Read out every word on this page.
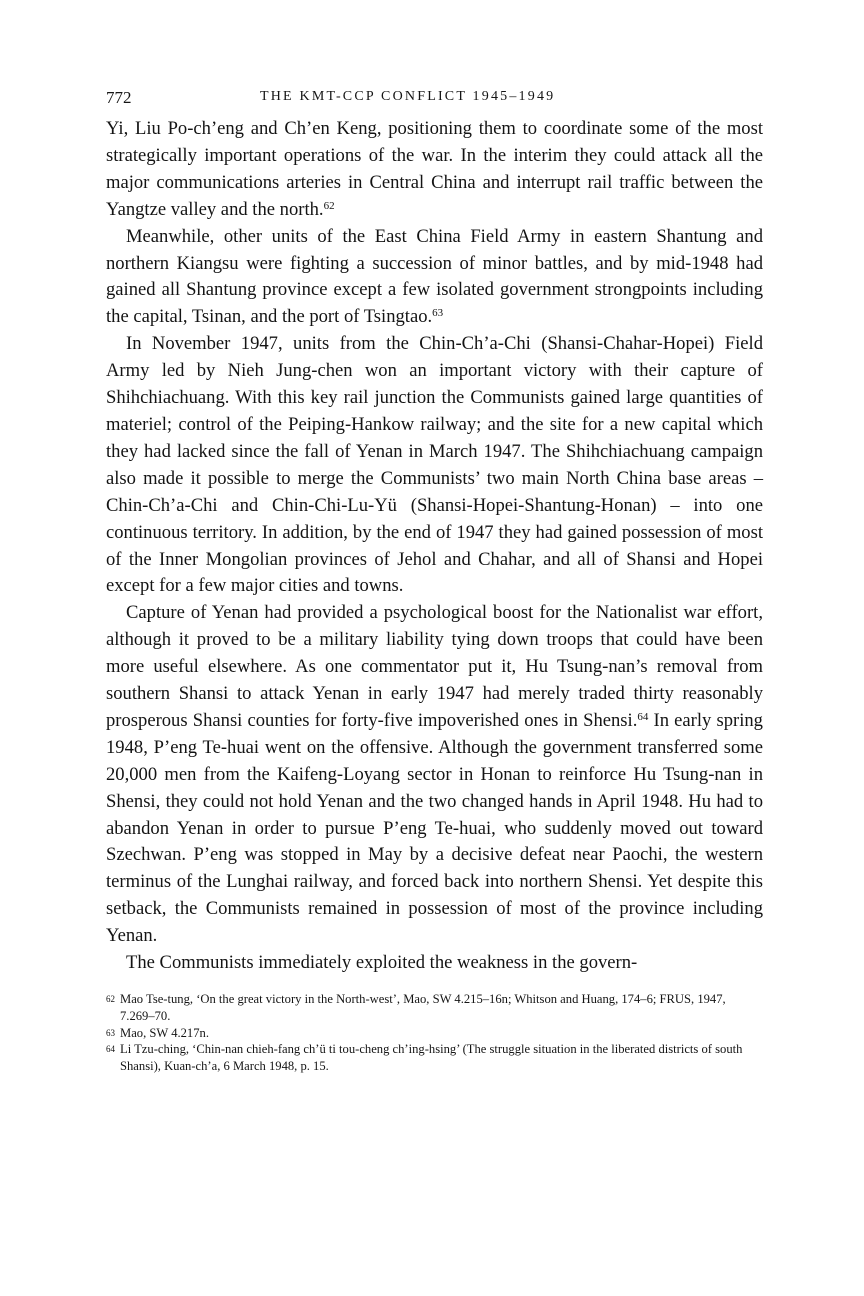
772	THE KMT-CCP CONFLICT 1945–1949

Yi, Liu Po-ch’eng and Ch’en Keng, positioning them to coordinate some of the most strategically important operations of the war. In the interim they could attack all the major communications arteries in Central China and interrupt rail traffic between the Yangtze valley and the north.$^{62}$

Meanwhile, other units of the East China Field Army in eastern Shantung and northern Kiangsu were fighting a succession of minor battles, and by mid-1948 had gained all Shantung province except a few isolated government strongpoints including the capital, Tsinan, and the port of Tsingtao.$^{63}$

In November 1947, units from the Chin-Ch’a-Chi (Shansi-Chahar-Hopei) Field Army led by Nieh Jung-chen won an important victory with their capture of Shihchiachuang. With this key rail junction the Communists gained large quantities of materiel; control of the Peiping-Hankow railway; and the site for a new capital which they had lacked since the fall of Yenan in March 1947. The Shihchiachuang campaign also made it possible to merge the Communists’ two main North China base areas – Chin-Ch’a-Chi and Chin-Chi-Lu-Yü (Shansi-Hopei-Shantung-Honan) – into one continuous territory. In addition, by the end of 1947 they had gained possession of most of the Inner Mongolian provinces of Jehol and Chahar, and all of Shansi and Hopei except for a few major cities and towns.

Capture of Yenan had provided a psychological boost for the Nationalist war effort, although it proved to be a military liability tying down troops that could have been more useful elsewhere. As one commentator put it, Hu Tsung-nan’s removal from southern Shansi to attack Yenan in early 1947 had merely traded thirty reasonably prosperous Shansi counties for forty-five impoverished ones in Shensi.$^{64}$ In early spring 1948, P’eng Te-huai went on the offensive. Although the government transferred some 20,000 men from the Kaifeng-Loyang sector in Honan to reinforce Hu Tsung-nan in Shensi, they could not hold Yenan and the two changed hands in April 1948. Hu had to abandon Yenan in order to pursue P’eng Te-huai, who suddenly moved out toward Szechwan. P’eng was stopped in May by a decisive defeat near Paochi, the western terminus of the Lunghai railway, and forced back into northern Shensi. Yet despite this setback, the Communists remained in possession of most of the province including Yenan.

The Communists immediately exploited the weakness in the govern-

62 Mao Tse-tung, ‘On the great victory in the North-west’, Mao, SW 4.215–16n; Whitson and Huang, 174–6; FRUS, 1947, 7.269–70.
63 Mao, SW 4.217n.
64 Li Tzu-ching, ‘Chin-nan chieh-fang ch’ü ti tou-cheng ch’ing-hsing’ (The struggle situation in the liberated districts of south Shansi), Kuan-ch’a, 6 March 1948, p. 15.
